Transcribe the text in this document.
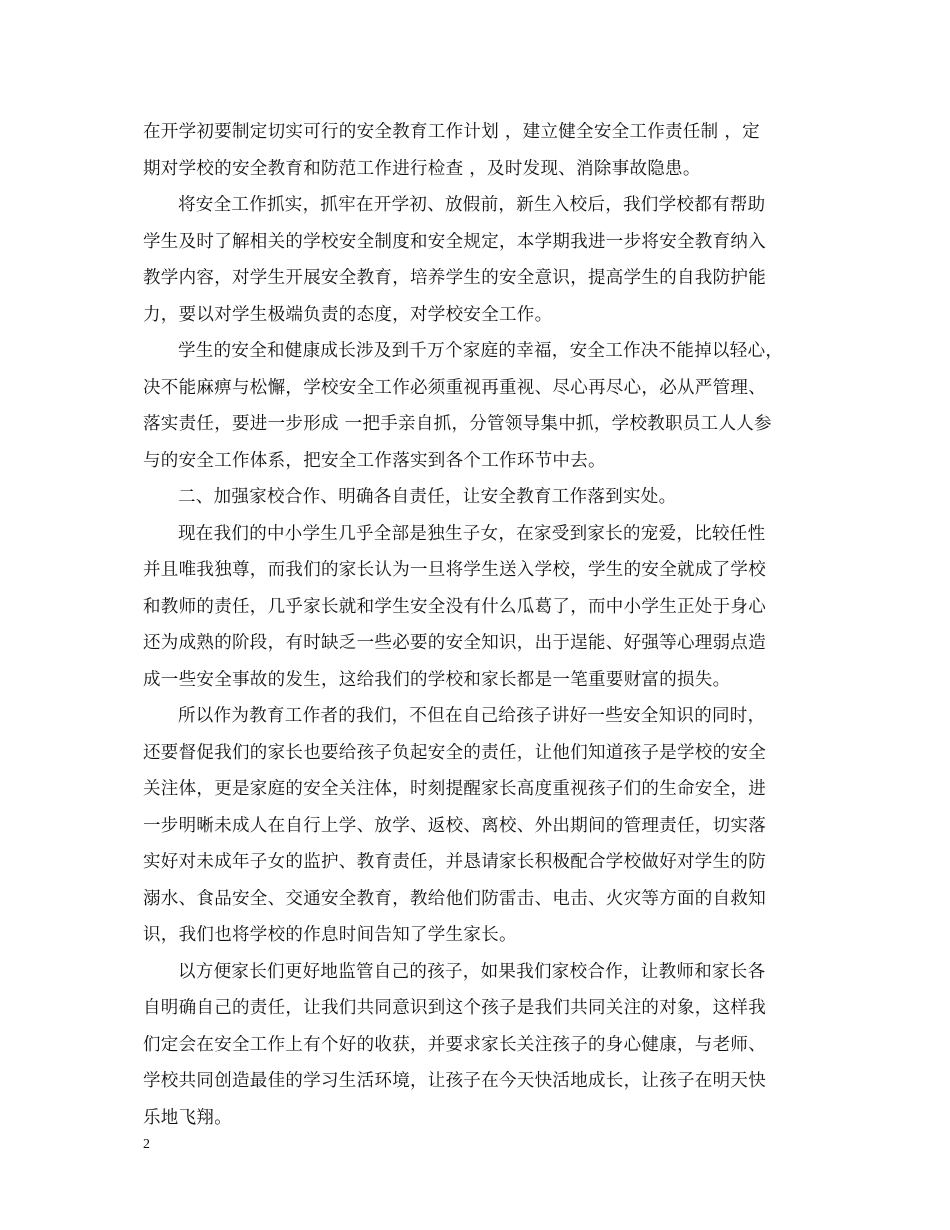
在开学初要制定切实可行的安全教育工作计划 ，建立健全安全工作责任制 ，定
期对学校的安全教育和防范工作进行检查 ，及时发现、消除事故隐患。
将安全工作抓实，抓牢在开学初、放假前，新生入校后，我们学校都有帮助
学生及时了解相关的学校安全制度和安全规定，本学期我进一步将安全教育纳入
教学内容，对学生开展安全教育，培养学生的安全意识，提高学生的自我防护能
力，要以对学生极端负责的态度，对学校安全工作。
学生的安全和健康成长涉及到千万个家庭的幸福，安全工作决不能掉以轻心，
决不能麻痹与松懈，学校安全工作必须重视再重视、尽心再尽心，必从严管理、
落实责任，要进一步形成 一把手亲自抓，分管领导集中抓，学校教职员工人人参
与的安全工作体系，把安全工作落实到各个工作环节中去。
二、加强家校合作、明确各自责任，让安全教育工作落到实处。
现在我们的中小学生几乎全部是独生子女，在家受到家长的宠爱，比较任性
并且唯我独尊，而我们的家长认为一旦将学生送入学校，学生的安全就成了学校
和教师的责任，几乎家长就和学生安全没有什么瓜葛了，而中小学生正处于身心
还为成熟的阶段，有时缺乏一些必要的安全知识，出于逞能、好强等心理弱点造
成一些安全事故的发生，这给我们的学校和家长都是一笔重要财富的损失。
所以作为教育工作者的我们，不但在自己给孩子讲好一些安全知识的同时，
还要督促我们的家长也要给孩子负起安全的责任，让他们知道孩子是学校的安全
关注体，更是家庭的安全关注体，时刻提醒家长高度重视孩子们的生命安全，进
一步明晰未成人在自行上学、放学、返校、离校、外出期间的管理责任，切实落
实好对未成年子女的监护、教育责任，并恳请家长积极配合学校做好对学生的防
溺水、食品安全、交通安全教育，教给他们防雷击、电击、火灾等方面的自救知
识，我们也将学校的作息时间告知了学生家长。
以方便家长们更好地监管自己的孩子，如果我们家校合作，让教师和家长各
自明确自己的责任，让我们共同意识到这个孩子是我们共同关注的对象，这样我
们定会在安全工作上有个好的收获，并要求家长关注孩子的身心健康，与老师、
学校共同创造最佳的学习生活环境，让孩子在今天快活地成长，让孩子在明天快
乐地飞翔。
2
